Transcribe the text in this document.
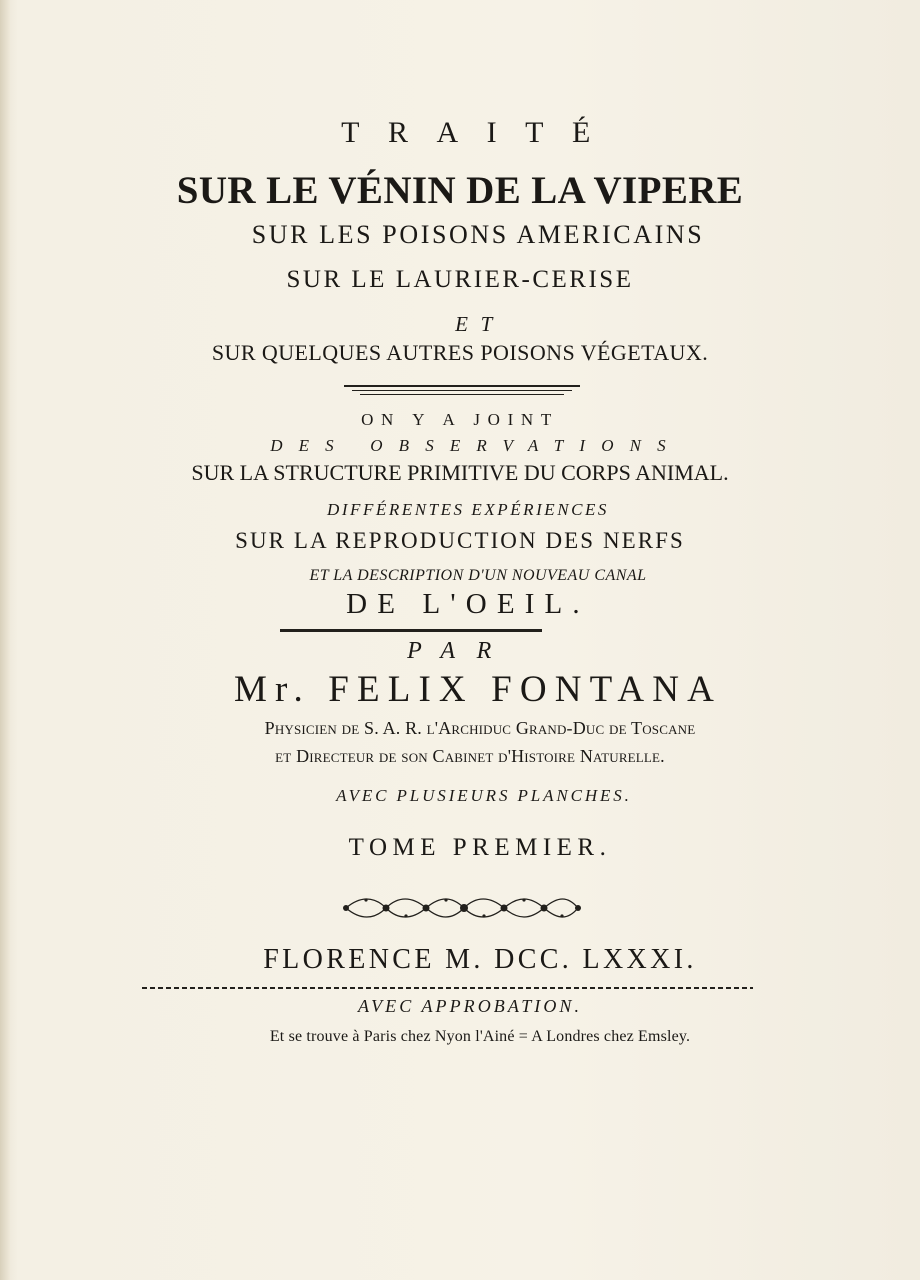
TRAITÉ
SUR LE VÉNIN DE LA VIPERE
SUR LES POISONS AMERICAINS
SUR LE LAURIER-CERISE
ET
SUR QUELQUES AUTRES POISONS VÉGETAUX.
ON Y A JOINT
DES OBSERVATIONS
SUR LA STRUCTURE PRIMITIVE DU CORPS ANIMAL.
DIFFÉRENTES EXPÉRIENCES
SUR LA REPRODUCTION DES NERFS
ET LA DESCRIPTION D'UN NOUVEAU CANAL
DE L'OEIL.
PAR
Mr. FELIX FONTANA
Physicien de S. A. R. l'Archiduc Grand-Duc de Toscane
et Directeur de son Cabinet d'Histoire Naturelle.
AVEC PLUSIEURS PLANCHES.
TOME PREMIER.
FLORENCE M. DCC. LXXXI.
AVEC APPROBATION.
Et se trouve à Paris chez Nyon l'Ainé = A Londres chez Emsley.
